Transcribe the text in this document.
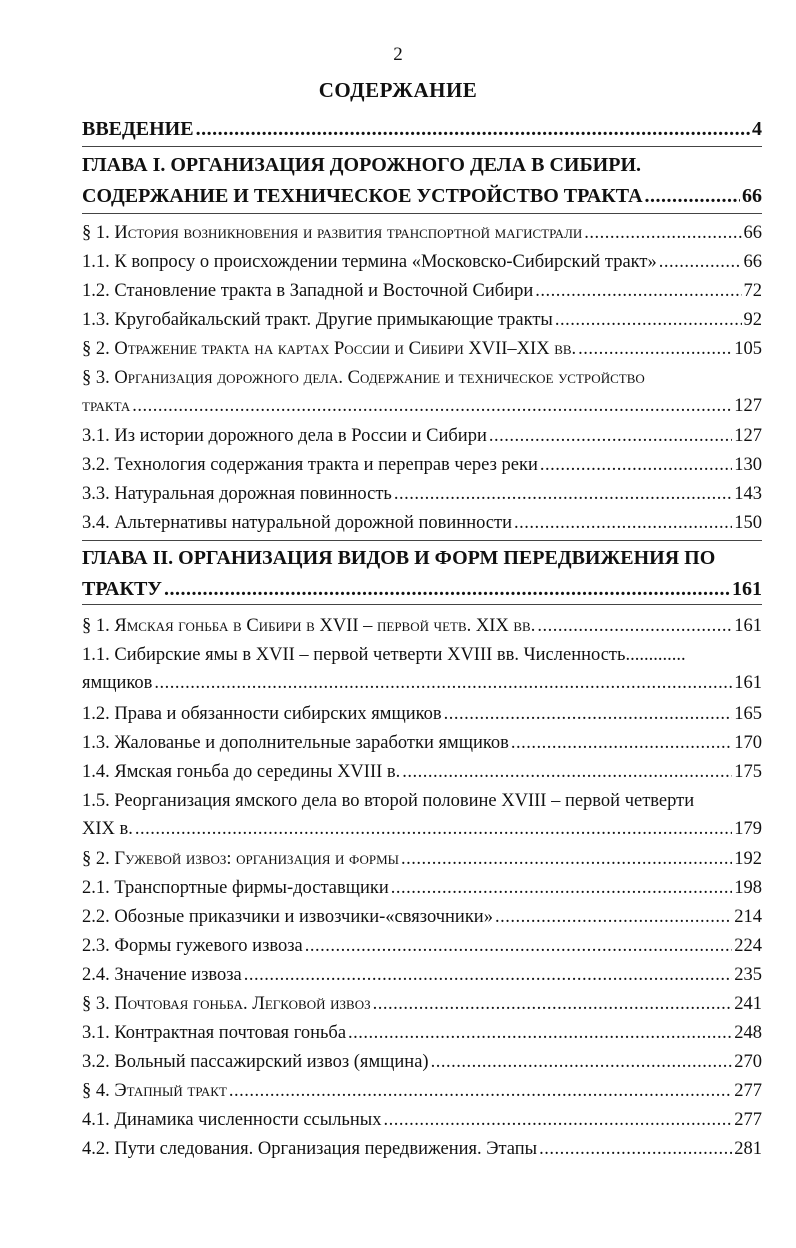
2
СОДЕРЖАНИЕ
ВВЕДЕНИЕ .....	4
ГЛАВА I. ОРГАНИЗАЦИЯ ДОРОЖНОГО ДЕЛА В СИБИРИ.
СОДЕРЖАНИЕ И ТЕХНИЧЕСКОЕ УСТРОЙСТВО ТРАКТА .....	66
§ 1. История возникновения и развития транспортной магистрали .....	66
1.1. К вопросу о происхождении термина «Московско-Сибирский тракт» .....	66
1.2. Становление тракта в Западной и Восточной Сибири .....	72
1.3. Кругобайкальский тракт. Другие примыкающие тракты .....	92
§ 2. Отражение тракта на картах России и Сибири XVII–XIX вв. .....	105
§ 3. Организация дорожного дела. Содержание и техническое устройство
тракта .....	127
3.1. Из истории дорожного дела в России и Сибири .....	127
3.2. Технология содержания тракта и переправ через реки .....	130
3.3. Натуральная дорожная повинность .....	143
3.4. Альтернативы натуральной дорожной повинности .....	150
ГЛАВА II. ОРГАНИЗАЦИЯ ВИДОВ И ФОРМ ПЕРЕДВИЖЕНИЯ ПО
ТРАКТУ .....	161
§ 1. Ямская гоньба в Сибири в XVII – первой четв. XIX вв. .....	161
1.1. Сибирские ямы в XVII – первой четверти XVIII вв. Численность.............
ямщиков .....	161
1.2. Права и обязанности сибирских ямщиков .....	165
1.3. Жалованье и дополнительные заработки ямщиков .....	170
1.4. Ямская гоньба до середины XVIII в. .....	175
1.5. Реорганизация ямского дела во второй половине XVIII – первой четверти
XIX в. .....	179
§ 2. Гужевой извоз: организация и формы .....	192
2.1. Транспортные фирмы-доставщики .....	198
2.2. Обозные приказчики и извозчики-«связочники» .....	214
2.3. Формы гужевого извоза .....	224
2.4. Значение извоза .....	235
§ 3. Почтовая гоньба. Легковой извоз .....	241
3.1. Контрактная почтовая гоньба .....	248
3.2. Вольный пассажирский извоз (ямщина) .....	270
§ 4. Этапный тракт .....	277
4.1. Динамика численности ссыльных .....	277
4.2. Пути следования. Организация передвижения. Этапы .....	281
